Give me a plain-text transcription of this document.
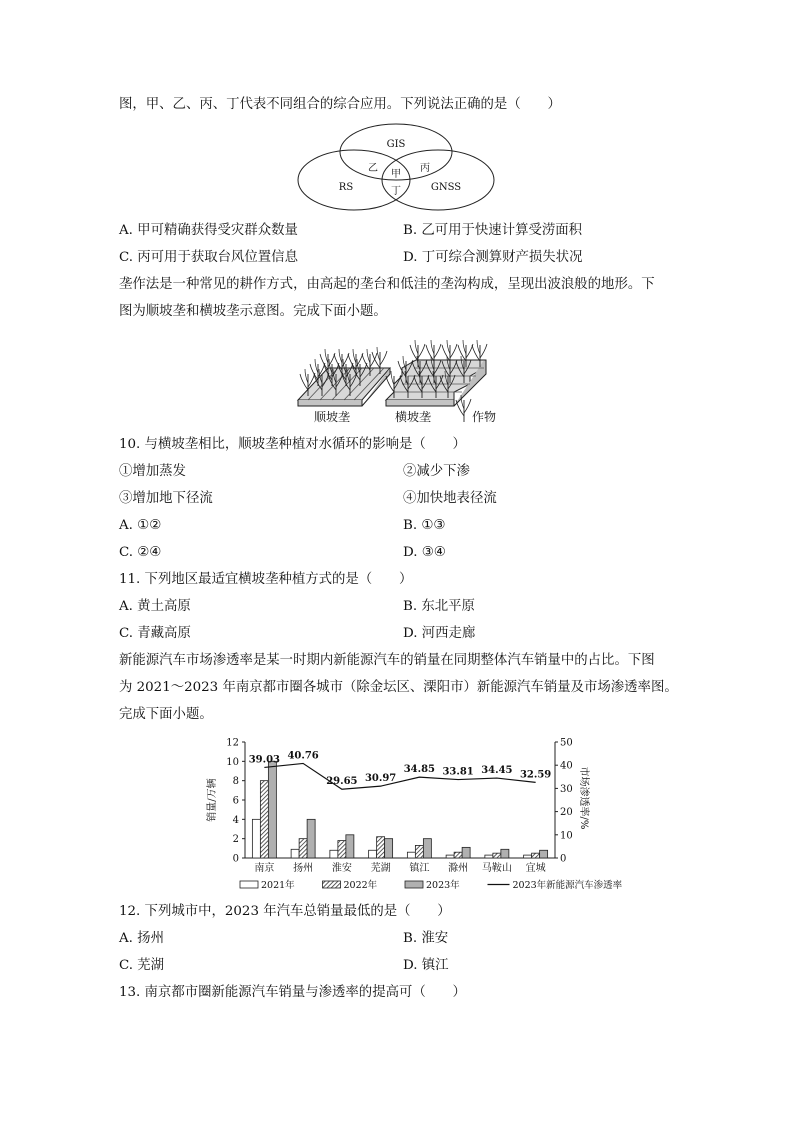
图，甲、乙、丙、丁代表不同组合的综合应用。下列说法正确的是（　　）
GIS
RS	GNSS
乙	丙
甲
丁
A. 甲可精确获得受灾群众数量	B. 乙可用于快速计算受涝面积
C. 丙可用于获取台风位置信息	D. 丁可综合测算财产损失状况
垄作法是一种常见的耕作方式，由高起的垄台和低洼的垄沟构成，呈现出波浪般的地形。下
图为顺坡垄和横坡垄示意图。完成下面小题。
顺坡垄	横坡垄	作物
10. 与横坡垄相比，顺坡垄种植对水循环的影响是（　　）
①增加蒸发	②减少下渗
③增加地下径流	④加快地表径流
A. ①②	B. ①③
C. ②④	D. ③④
11. 下列地区最适宜横坡垄种植方式的是（　　）
A. 黄土高原	B. 东北平原
C. 青藏高原	D. 河西走廊
新能源汽车市场渗透率是某一时期内新能源汽车的销量在同期整体汽车销量中的占比。下图
为 2021～2023 年南京都市圈各城市（除金坛区、溧阳市）新能源汽车销量及市场渗透率图。
完成下面小题。
0
2
4
6
8
10
12
0
10
20
30
40
50
销量/万辆	市场渗透率/%
南京 扬州 淮安 芜湖 镇江 滁州 马鞍山 宜城
39.03 40.76
29.65 30.97
34.85 33.81 34.45 32.59
2021年	2022年	2023年	2023年新能源汽车渗透率
12. 下列城市中，2023 年汽车总销量最低的是（　　）
A. 扬州	B. 淮安
C. 芜湖	D. 镇江
13. 南京都市圈新能源汽车销量与渗透率的提高可（　　）
